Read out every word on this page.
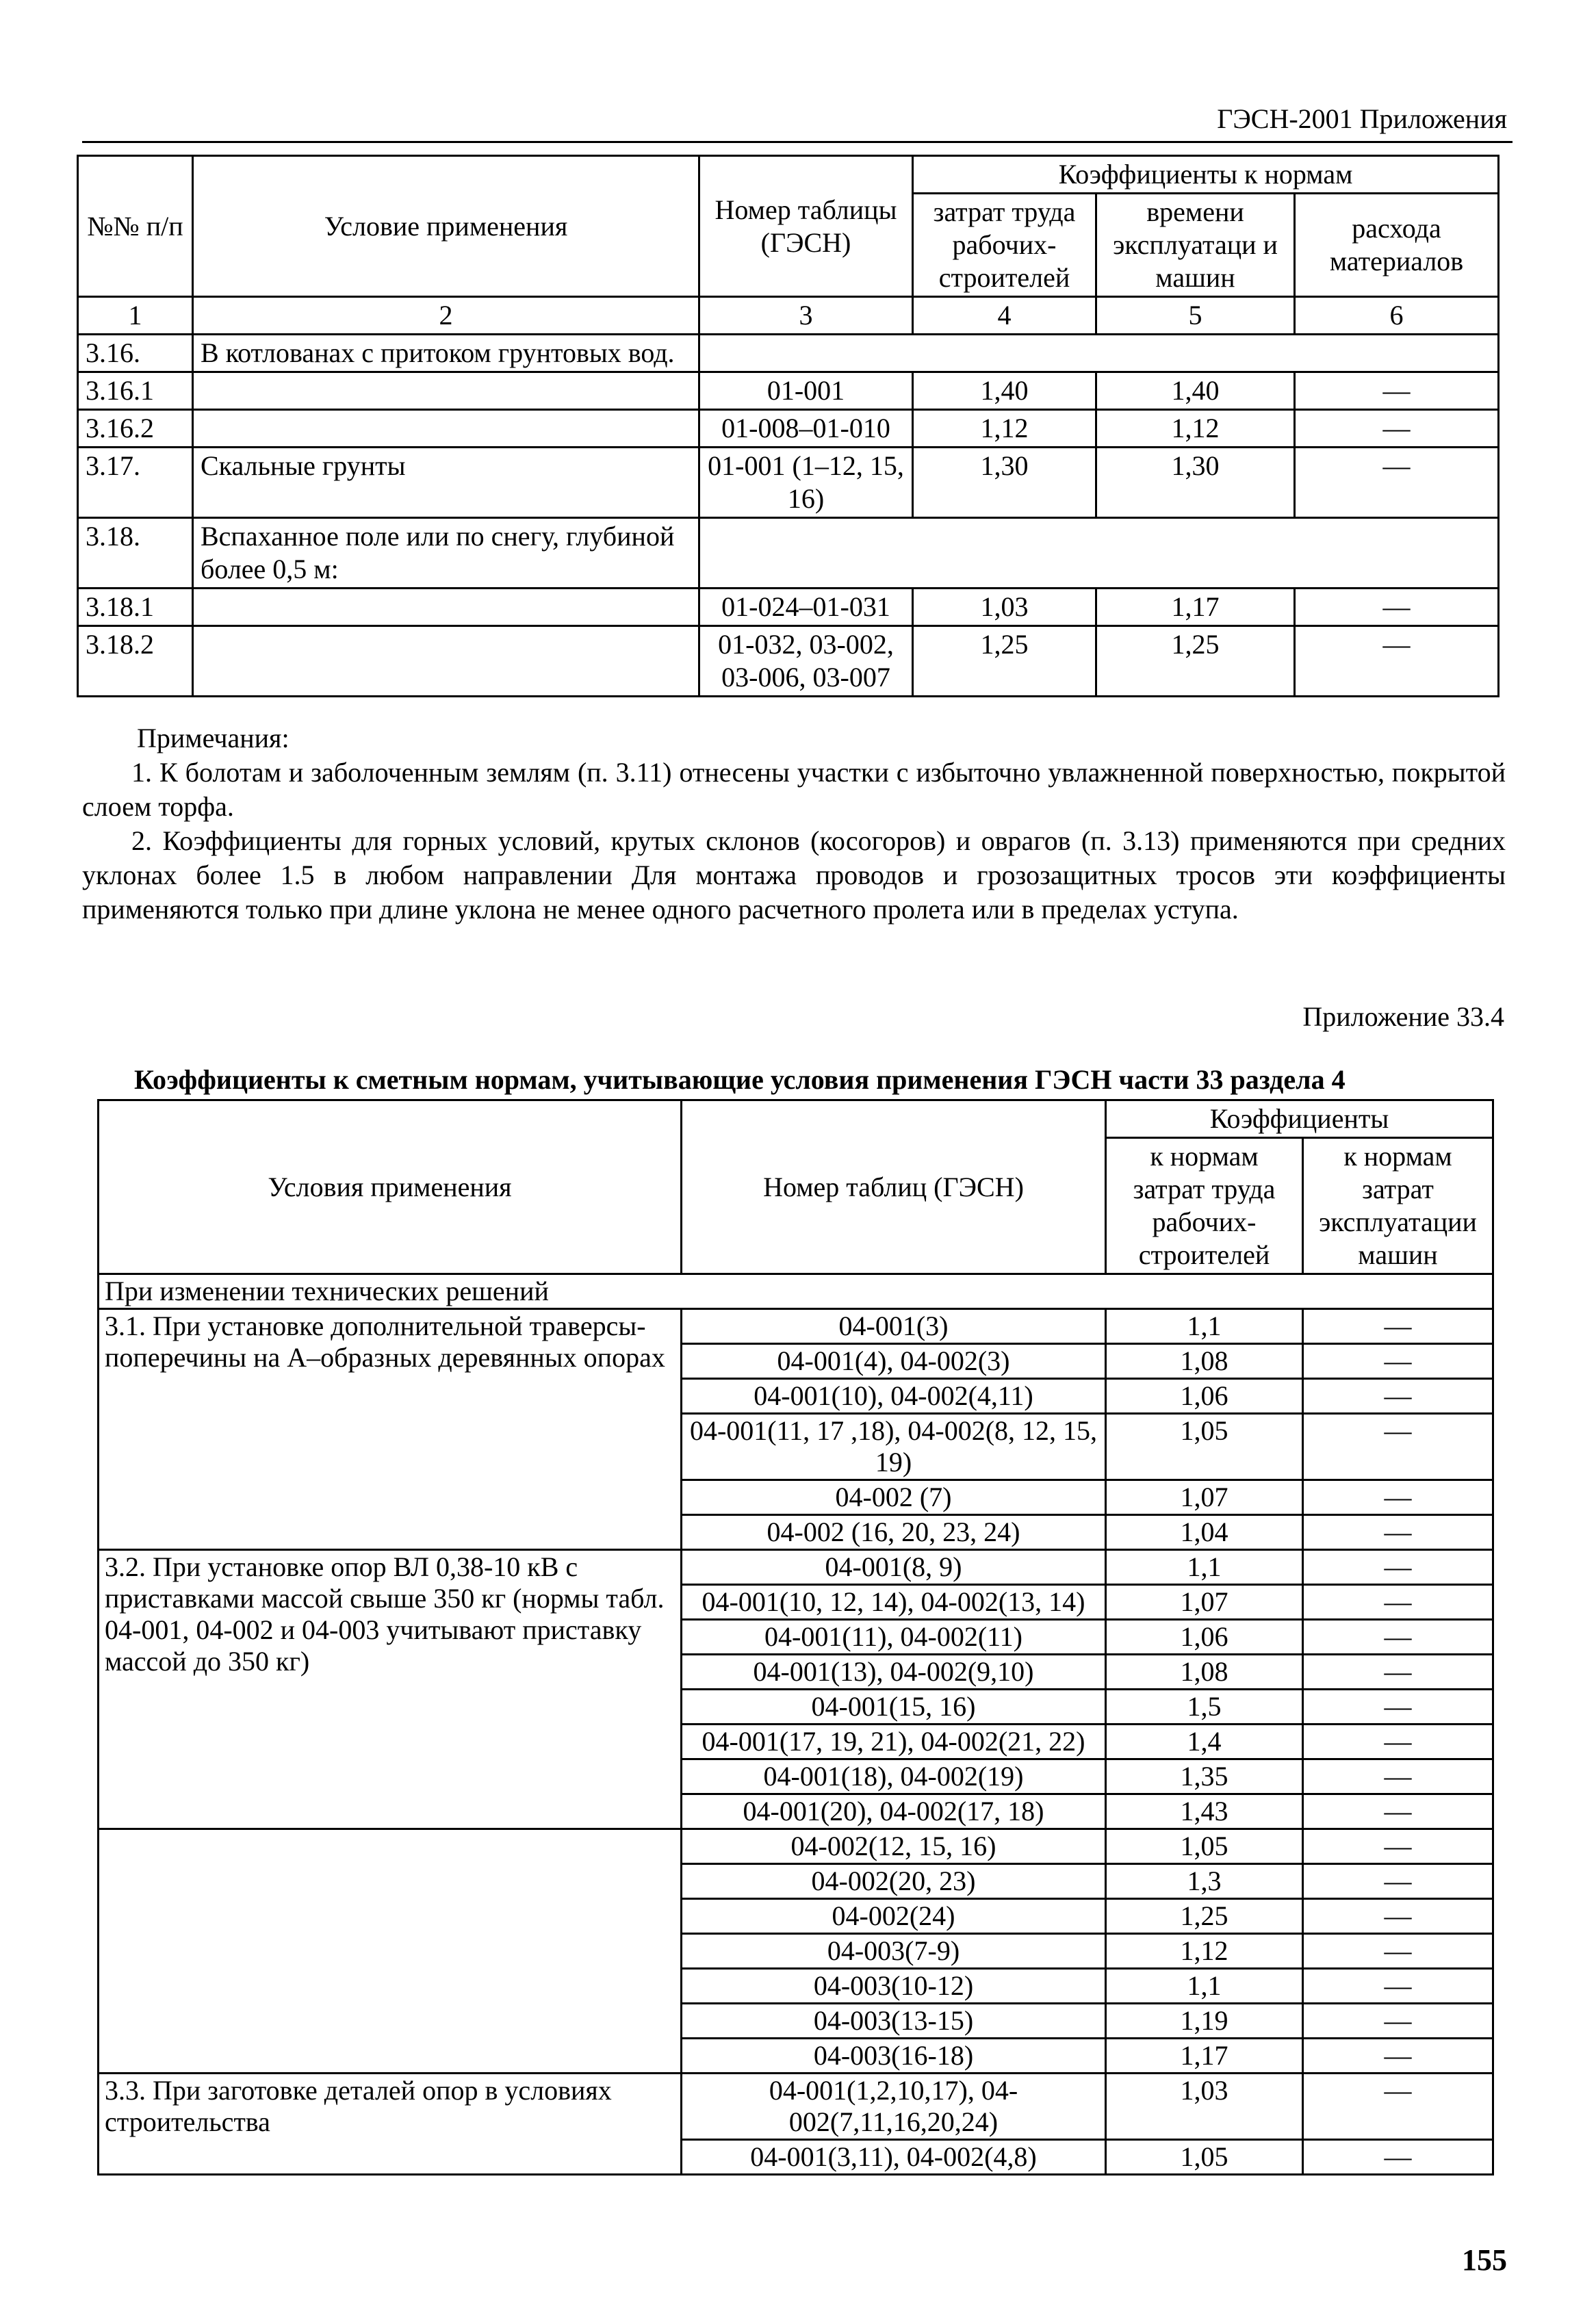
ГЭСН-2001 Приложения
№№ п/п	Условие применения	Номер таблицы (ГЭСН)	Коэффициенты к нормам		
			затрат труда рабочих-строителей	времени эксплуатаци и машин	расхода материалов
1	2	3	4	5	6
3.16.	В котлованах с притоком грунтовых вод.				
3.16.1		01-001	1,40	1,40	—
3.16.2		01-008–01-010	1,12	1,12	—
3.17.	Скальные грунты	01-001 (1–12, 15, 16)	1,30	1,30	—
3.18.	Вспаханное поле или по снегу, глубиной более 0,5 м:				
3.18.1		01-024–01-031	1,03	1,17	—
3.18.2		01-032, 03-002, 03-006, 03-007	1,25	1,25	—

Примечания:

1. К болотам и заболоченным землям (п. 3.11) отнесены участки с избыточно увлажненной поверхностью, покрытой слоем торфа.

2. Коэффициенты для горных условий, крутых склонов (косогоров) и оврагов (п. 3.13) применяются при средних уклонах более 1.5 в любом направлении Для монтажа проводов и грозозащитных тросов эти коэффициенты применяются только при длине уклона не менее одного расчетного пролета или в пределах уступа.

Приложение 33.4
Коэффициенты к сметным нормам, учитывающие условия применения ГЭСН части 33 раздела 4
Условия применения	Номер таблиц (ГЭСН)	Коэффициенты	
		к нормам затрат труда рабочих-строителей	к нормам затрат эксплуатации машин
При изменении технических решений			
3.1. При установке дополнительной траверсы-поперечины на А–образных деревянных опорах	04-001(3)	1,1	—
	04-001(4), 04-002(3)	1,08	—
	04-001(10), 04-002(4,11)	1,06	—
	04-001(11, 17 ,18), 04-002(8, 12, 15, 19)	1,05	—
	04-002 (7)	1,07	—
	04-002 (16, 20, 23, 24)	1,04	—
3.2. При установке опор ВЛ 0,38-10 кВ с приставками массой свыше 350 кг (нормы табл. 04-001, 04-002 и 04-003 учитывают приставку массой до 350 кг)	04-001(8, 9)	1,1	—
	04-001(10, 12, 14), 04-002(13, 14)	1,07	—
	04-001(11), 04-002(11)	1,06	—
	04-001(13), 04-002(9,10)	1,08	—
	04-001(15, 16)	1,5	—
	04-001(17, 19, 21), 04-002(21, 22)	1,4	—
	04-001(18), 04-002(19)	1,35	—
	04-001(20), 04-002(17, 18)	1,43	—
	04-002(12, 15, 16)	1,05	—
	04-002(20, 23)	1,3	—
	04-002(24)	1,25	—
	04-003(7-9)	1,12	—
	04-003(10-12)	1,1	—
	04-003(13-15)	1,19	—
	04-003(16-18)	1,17	—
3.3. При заготовке деталей опор в условиях строительства	04-001(1,2,10,17), 04-002(7,11,16,20,24)	1,03	—
	04-001(3,11), 04-002(4,8)	1,05	—
155
